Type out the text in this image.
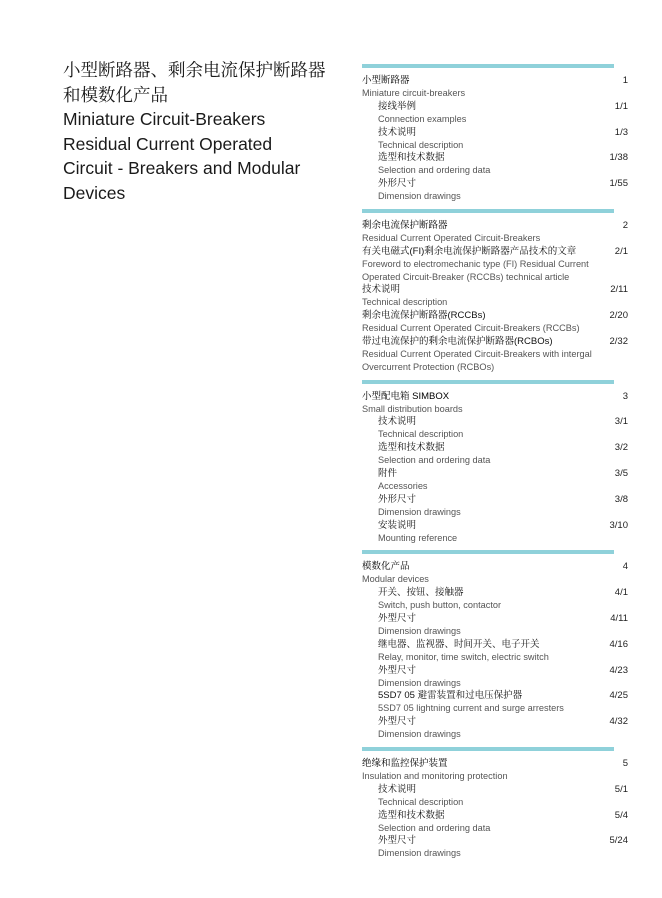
小型断路器、剩余电流保护断路器
和模数化产品
Miniature Circuit-Breakers
Residual Current Operated
Circuit - Breakers and Modular
Devices
小型断路器	1
Miniature circuit-breakers
接线举例	1/1
Connection examples
技术说明	1/3
Technical description
选型和技术数据	1/38
Selection and ordering data
外形尺寸	1/55
Dimension drawings
剩余电流保护断路器	2
Residual Current Operated Circuit-Breakers
有关电磁式(FI)剩余电流保护断路器产品技术的文章	2/1
Foreword to electromechanic type (FI) Residual Current Operated Circuit-Breaker (RCCBs) technical article
技术说明	2/11
Technical description
剩余电流保护断路器(RCCBs)	2/20
Residual Current Operated Circuit-Breakers (RCCBs)
带过电流保护的剩余电流保护断路器(RCBOs)	2/32
Residual Current Operated Circuit-Breakers with intergal Overcurrent Protection (RCBOs)
小型配电箱 SIMBOX	3
Small distribution boards
技术说明	3/1
Technical description
选型和技术数据	3/2
Selection and ordering data
附件	3/5
Accessories
外形尺寸	3/8
Dimension drawings
安装说明	3/10
Mounting reference
模数化产品	4
Modular devices
开关、按钮、接触器	4/1
Switch, push button, contactor
外型尺寸	4/11
Dimension drawings
继电器、监视器、时间开关、电子开关	4/16
Relay, monitor, time switch, electric switch
外型尺寸	4/23
Dimension drawings
5SD7 05 避雷装置和过电压保护器	4/25
5SD7 05 lightning current and surge arresters
外型尺寸	4/32
Dimension drawings
绝缘和监控保护装置	5
Insulation and monitoring protection
技术说明	5/1
Technical description
选型和技术数据	5/4
Selection and ordering data
外型尺寸	5/24
Dimension drawings
